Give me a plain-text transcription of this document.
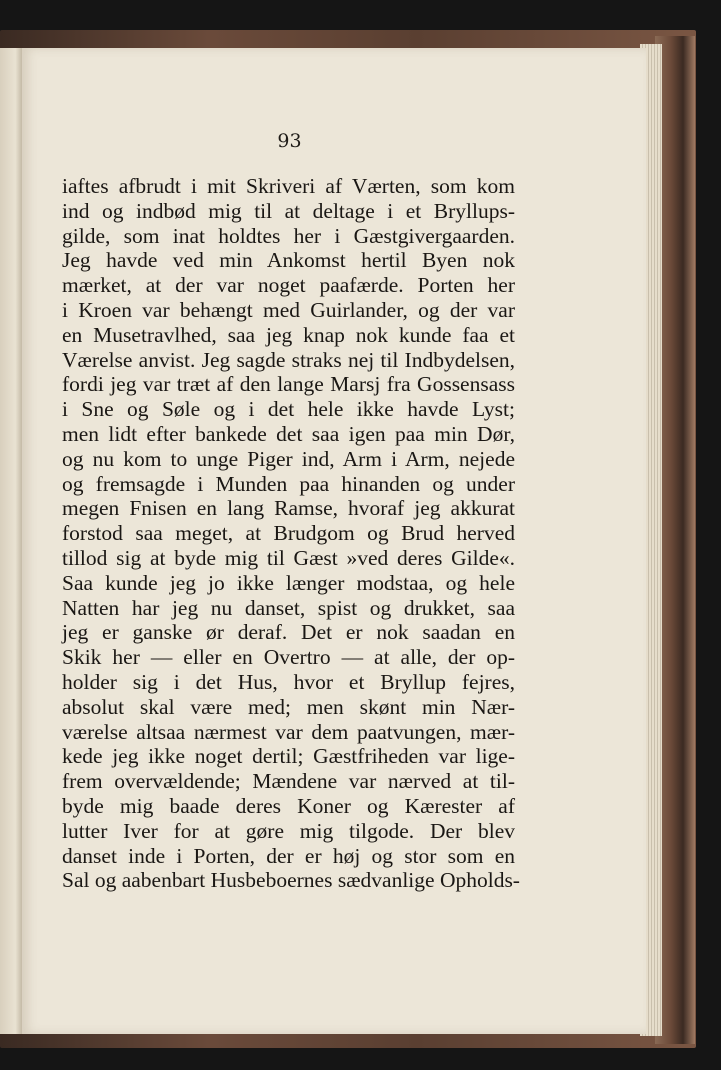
93
iaftes afbrudt i mit Skriveri af Værten, som kom
ind og indbød mig til at deltage i et Bryllups-
gilde, som inat holdtes her i Gæstgivergaarden.
Jeg havde ved min Ankomst hertil Byen nok
mærket, at der var noget paafærde. Porten her
i Kroen var behængt med Guirlander, og der var
en Musetravlhed, saa jeg knap nok kunde faa et
Værelse anvist. Jeg sagde straks nej til Indbydelsen,
fordi jeg var træt af den lange Marsj fra Gossensass
i Sne og Søle og i det hele ikke havde Lyst;
men lidt efter bankede det saa igen paa min Dør,
og nu kom to unge Piger ind, Arm i Arm, nejede
og fremsagde i Munden paa hinanden og under
megen Fnisen en lang Ramse, hvoraf jeg akkurat
forstod saa meget, at Brudgom og Brud herved
tillod sig at byde mig til Gæst »ved deres Gilde«.
Saa kunde jeg jo ikke længer modstaa, og hele
Natten har jeg nu danset, spist og drukket, saa
jeg er ganske ør deraf. Det er nok saadan en
Skik her — eller en Overtro — at alle, der op-
holder sig i det Hus, hvor et Bryllup fejres,
absolut skal være med; men skønt min Nær-
værelse altsaa nærmest var dem paatvungen, mær-
kede jeg ikke noget dertil; Gæstfriheden var lige-
frem overvældende; Mændene var nærved at til-
byde mig baade deres Koner og Kærester af
lutter Iver for at gøre mig tilgode. Der blev
danset inde i Porten, der er høj og stor som en
Sal og aabenbart Husbeboernes sædvanlige Opholds-
